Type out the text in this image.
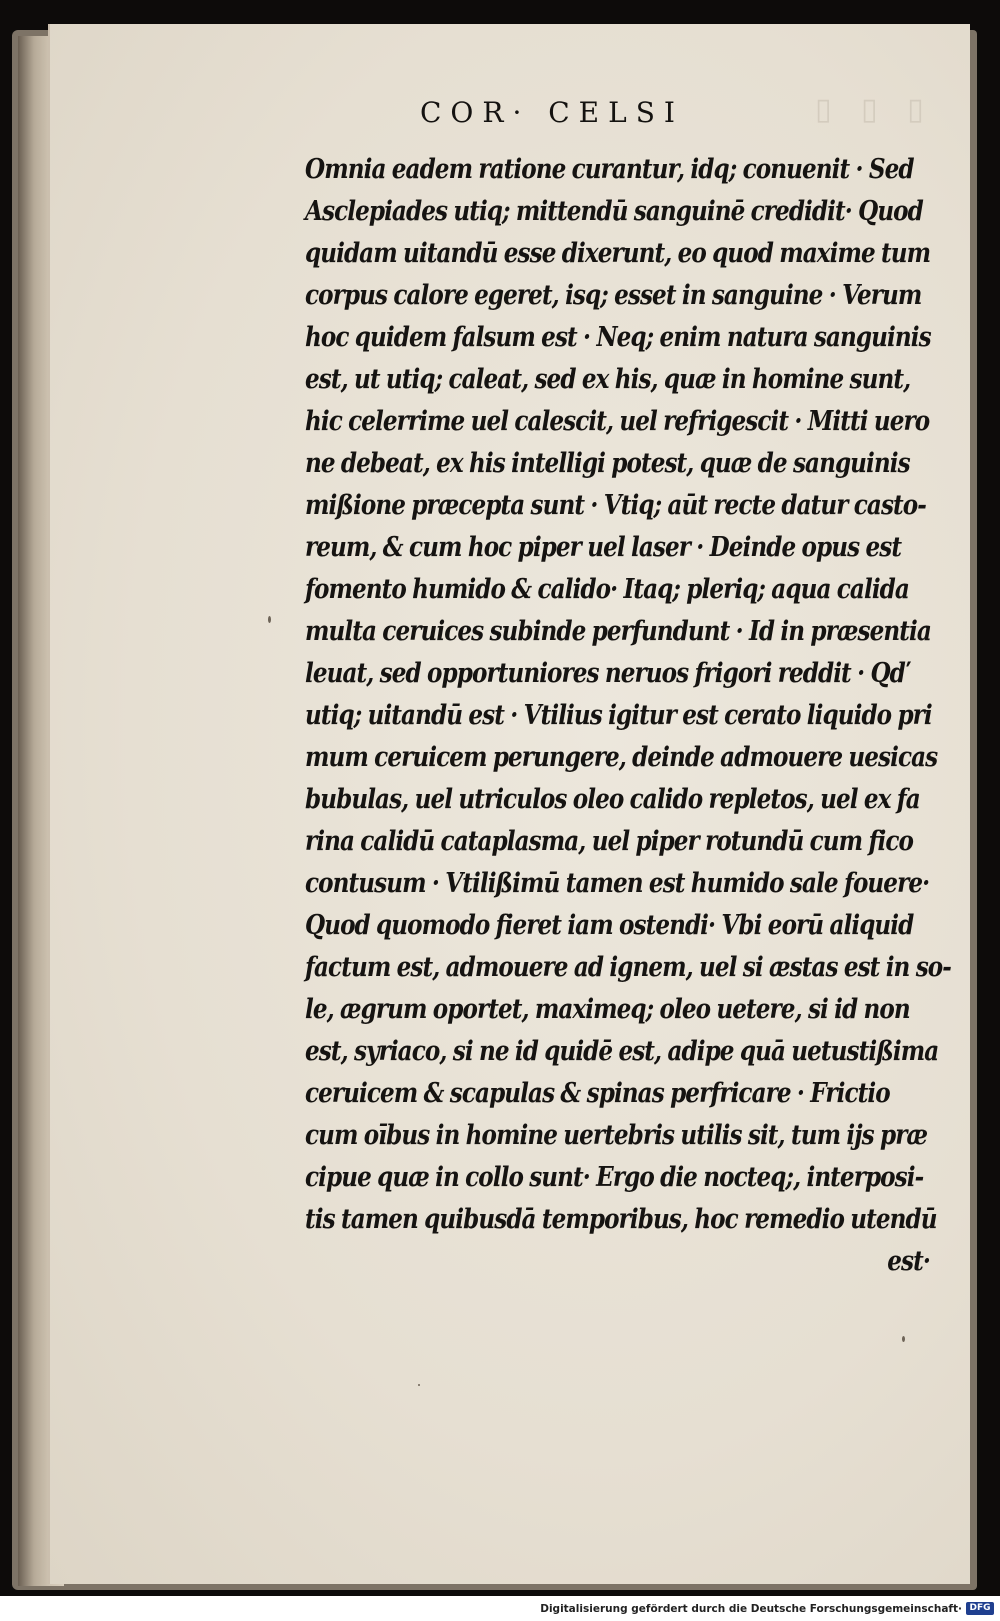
▯ ▯ ▯
COR· CELSI
Omnia eadem ratione curantur, idq; conuenit · Sed
Asclepiades utiq; mittendū sanguinē credidit· Quod
quidam uitandū esse dixerunt, eo quod maxime tum
corpus calore egeret, isq; esset in sanguine · Verum
hoc quidem falsum est · Neq; enim natura sanguinis
est, ut utiq; caleat, sed ex his, quæ in homine sunt,
hic celerrime uel calescit, uel refrigescit · Mitti uero
ne debeat, ex his intelligi potest, quæ de sanguinis
mißione præcepta sunt · Vtiq; aūt recte datur casto-
reum, & cum hoc piper uel laser · Deinde opus est
fomento humido & calido· Itaq; pleriq; aqua calida
multa ceruices subinde perfundunt · Id in præsentia
leuat, sed opportuniores neruos frigori reddit · Qď
utiq; uitandū est · Vtilius igitur est cerato liquido pri
mum ceruicem perungere, deinde admouere uesicas
bubulas, uel utriculos oleo calido repletos, uel ex fa
rina calidū cataplasma, uel piper rotundū cum fico
contusum · Vtilißimū tamen est humido sale fouere·
Quod quomodo fieret iam ostendi· Vbi eorū aliquid
factum est, admouere ad ignem, uel si æstas est in so-
le, ægrum oportet, maximeq; oleo uetere, si id non
est, syriaco, si ne id quidē est, adipe quā uetustißima
ceruicem & scapulas & spinas perfricare · Frictio
cum oībus in homine uertebris utilis sit, tum ijs præ
cipue quæ in collo sunt· Ergo die nocteq;, interposi-
tis tamen quibusdā temporibus, hoc remedio utendū
est·
Digitalisierung gefördert durch die Deutsche Forschungsgemeinschaft· DFG
